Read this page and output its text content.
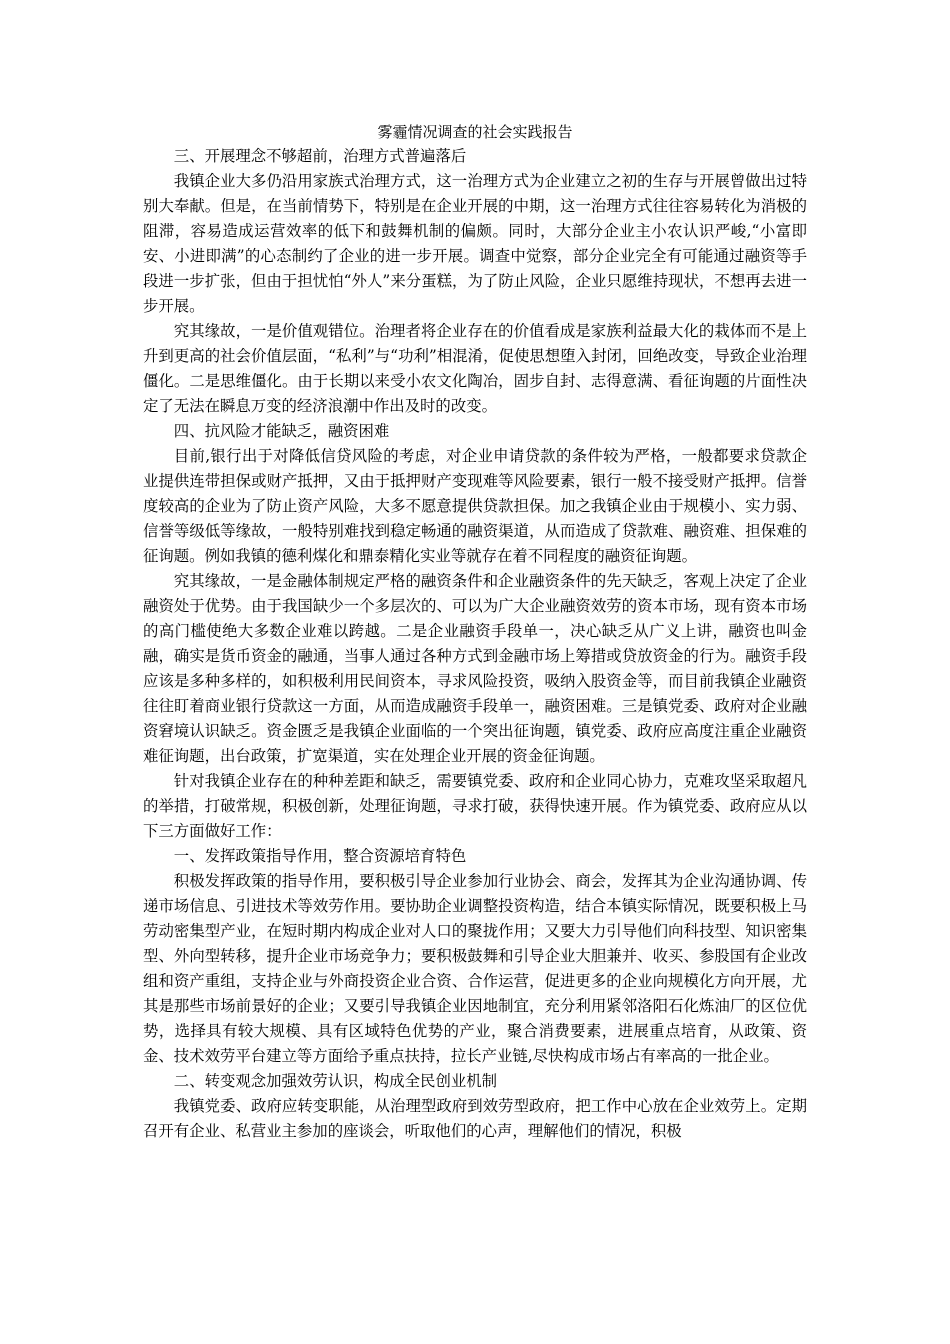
雾霾情况调查的社会实践报告

三、开展理念不够超前，治理方式普遍落后

我镇企业大多仍沿用家族式治理方式，这一治理方式为企业建立之初的生存与开展曾做出过特别大奉献。但是，在当前情势下，特别是在企业开展的中期，这一治理方式往往容易转化为消极的阻滞，容易造成运营效率的低下和鼓舞机制的偏颇。同时，大部分企业主小农认识严峻,“小富即安、小进即满”的心态制约了企业的进一步开展。调查中觉察，部分企业完全有可能通过融资等手段进一步扩张，但由于担忧怕“外人”来分蛋糕，为了防止风险，企业只愿维持现状，不想再去进一步开展。

究其缘故，一是价值观错位。治理者将企业存在的价值看成是家族利益最大化的栽体而不是上升到更高的社会价值层面，“私利”与“功利”相混淆，促使思想堕入封闭，回绝改变，导致企业治理僵化。二是思维僵化。由于长期以来受小农文化陶冶，固步自封、志得意满、看征询题的片面性决定了无法在瞬息万变的经济浪潮中作出及时的改变。

四、抗风险才能缺乏，融资困难

目前,银行出于对降低信贷风险的考虑，对企业申请贷款的条件较为严格，一般都要求贷款企业提供连带担保或财产抵押，又由于抵押财产变现难等风险要素，银行一般不接受财产抵押。信誉度较高的企业为了防止资产风险，大多不愿意提供贷款担保。加之我镇企业由于规模小、实力弱、信誉等级低等缘故，一般特别难找到稳定畅通的融资渠道，从而造成了贷款难、融资难、担保难的征询题。例如我镇的德利煤化和鼎泰精化实业等就存在着不同程度的融资征询题。

究其缘故，一是金融体制规定严格的融资条件和企业融资条件的先天缺乏，客观上决定了企业融资处于优势。由于我国缺少一个多层次的、可以为广大企业融资效劳的资本市场，现有资本市场的高门槛使绝大多数企业难以跨越。二是企业融资手段单一，决心缺乏从广义上讲，融资也叫金融，确实是货币资金的融通，当事人通过各种方式到金融市场上筹措或贷放资金的行为。融资手段应该是多种多样的，如积极利用民间资本，寻求风险投资，吸纳入股资金等，而目前我镇企业融资往往盯着商业银行贷款这一方面，从而造成融资手段单一，融资困难。三是镇党委、政府对企业融资窘境认识缺乏。资金匮乏是我镇企业面临的一个突出征询题，镇党委、政府应高度注重企业融资难征询题，出台政策，扩宽渠道，实在处理企业开展的资金征询题。

针对我镇企业存在的种种差距和缺乏，需要镇党委、政府和企业同心协力，克难攻坚采取超凡的举措，打破常规，积极创新，处理征询题，寻求打破，获得快速开展。作为镇党委、政府应从以下三方面做好工作：

一、发挥政策指导作用，整合资源培育特色

积极发挥政策的指导作用，要积极引导企业参加行业协会、商会，发挥其为企业沟通协调、传递市场信息、引进技术等效劳作用。要协助企业调整投资构造，结合本镇实际情况，既要积极上马劳动密集型产业，在短时期内构成企业对人口的聚拢作用；又要大力引导他们向科技型、知识密集型、外向型转移，提升企业市场竞争力；要积极鼓舞和引导企业大胆兼并、收买、参股国有企业改组和资产重组，支持企业与外商投资企业合资、合作运营，促进更多的企业向规模化方向开展，尤其是那些市场前景好的企业；又要引导我镇企业因地制宜，充分利用紧邻洛阳石化炼油厂的区位优势，选择具有较大规模、具有区域特色优势的产业，聚合消费要素，进展重点培育，从政策、资金、技术效劳平台建立等方面给予重点扶持，拉长产业链,尽快构成市场占有率高的一批企业。

二、转变观念加强效劳认识，构成全民创业机制

我镇党委、政府应转变职能，从治理型政府到效劳型政府，把工作中心放在企业效劳上。定期召开有企业、私营业主参加的座谈会，听取他们的心声，理解他们的情况，积极
